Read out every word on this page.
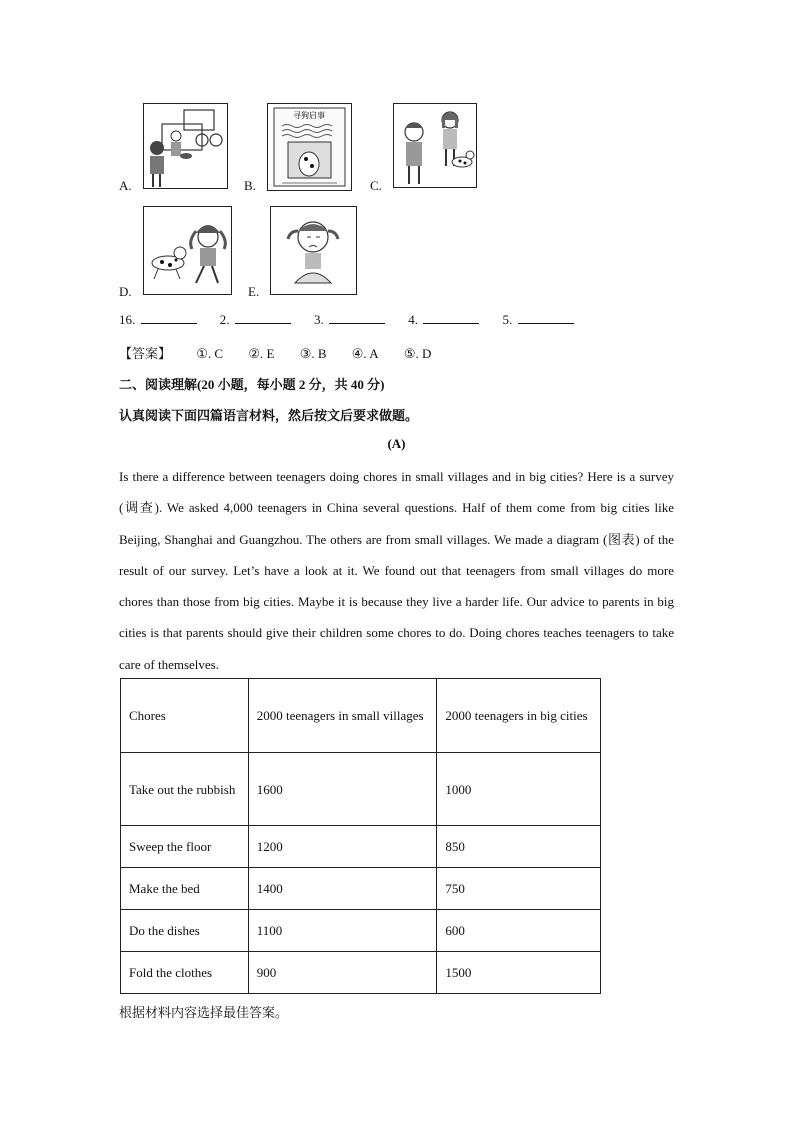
A.	B.
寻狗启事
C.
D.	E.
16.	2.	3.	4.	5.
【答案】 ①. C ②. E ③. B ④. A ⑤. D
二、阅读理解(20 小题，每小题 2 分，共 40 分)
认真阅读下面四篇语言材料，然后按文后要求做题。
(A)
Is there a difference between teenagers doing chores in small villages and in big cities? Here is a survey (调查). We asked 4,000 teenagers in China several questions. Half of them come from big cities like Beijing, Shanghai and Guangzhou. The others are from small villages. We made a diagram (图表) of the result of our survey. Let’s have a look at it. We found out that teenagers from small villages do more chores than those from big cities. Maybe it is because they live a harder life. Our advice to parents in big cities is that parents should give their children some chores to do. Doing chores teaches teenagers to take care of themselves.
Chores	2000 teenagers in small villages	2000 teenagers in big cities
Take out the rubbish	1600	1000
Sweep the floor	1200	850
Make the bed	1400	750
Do the dishes	1100	600
Fold the clothes	900	1500
根据材料内容选择最佳答案。
